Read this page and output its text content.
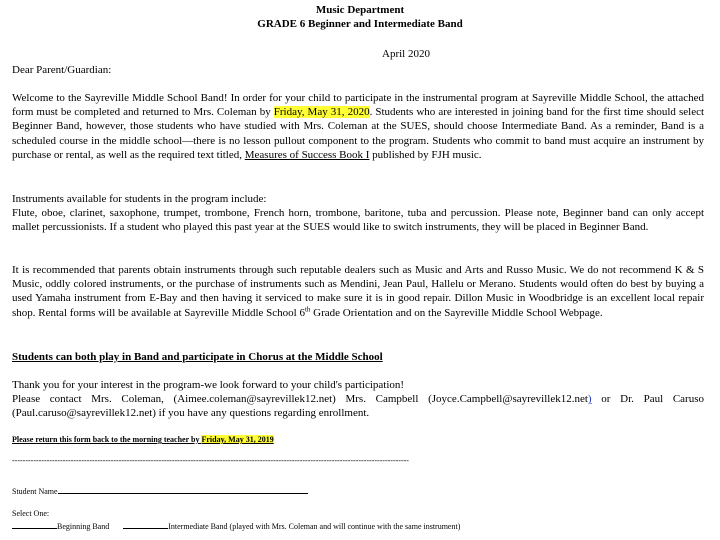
Music Department
GRADE 6 Beginner and Intermediate Band
April 2020
Dear Parent/Guardian:
Welcome to the Sayreville Middle School Band! In order for your child to participate in the instrumental program at Sayreville Middle School, the attached form must be completed and returned to Mrs. Coleman by Friday, May 31, 2020. Students who are interested in joining band for the first time should select Beginner Band, however, those students who have studied with Mrs. Coleman at the SUES, should choose Intermediate Band. As a reminder, Band is a scheduled course in the middle school—there is no lesson pullout component to the program. Students who commit to band must acquire an instrument by purchase or rental, as well as the required text titled, Measures of Success Book I published by FJH music.
Instruments available for students in the program include:
Flute, oboe, clarinet, saxophone, trumpet, trombone, French horn, trombone, baritone, tuba and percussion. Please note, Beginner band can only accept mallet percussionists. If a student who played this past year at the SUES would like to switch instruments, they will be placed in Beginner Band.
It is recommended that parents obtain instruments through such reputable dealers such as Music and Arts and Russo Music. We do not recommend K & S Music, oddly colored instruments, or the purchase of instruments such as Mendini, Jean Paul, Hallelu or Merano. Students would often do best by buying a used Yamaha instrument from E-Bay and then having it serviced to make sure it is in good repair. Dillon Music in Woodbridge is an excellent local repair shop. Rental forms will be available at Sayreville Middle School 6th Grade Orientation and on the Sayreville Middle School Webpage.
Students can both play in Band and participate in Chorus at the Middle School
Thank you for your interest in the program-we look forward to your child's participation!
Please contact Mrs. Coleman, (Aimee.coleman@sayrevillek12.net) Mrs. Campbell (Joyce.Campbell@sayrevillek12.net) or Dr. Paul Caruso (Paul.caruso@sayrevillek12.net) if you have any questions regarding enrollment.
Please return this form back to the morning teacher by Friday, May 31, 2019
-----------------------------------------------------------------------------------------------------------------------------------------------------
Student Name
Select One:
Beginning Band	Intermediate Band (played with Mrs. Coleman and will continue with the same instrument)
